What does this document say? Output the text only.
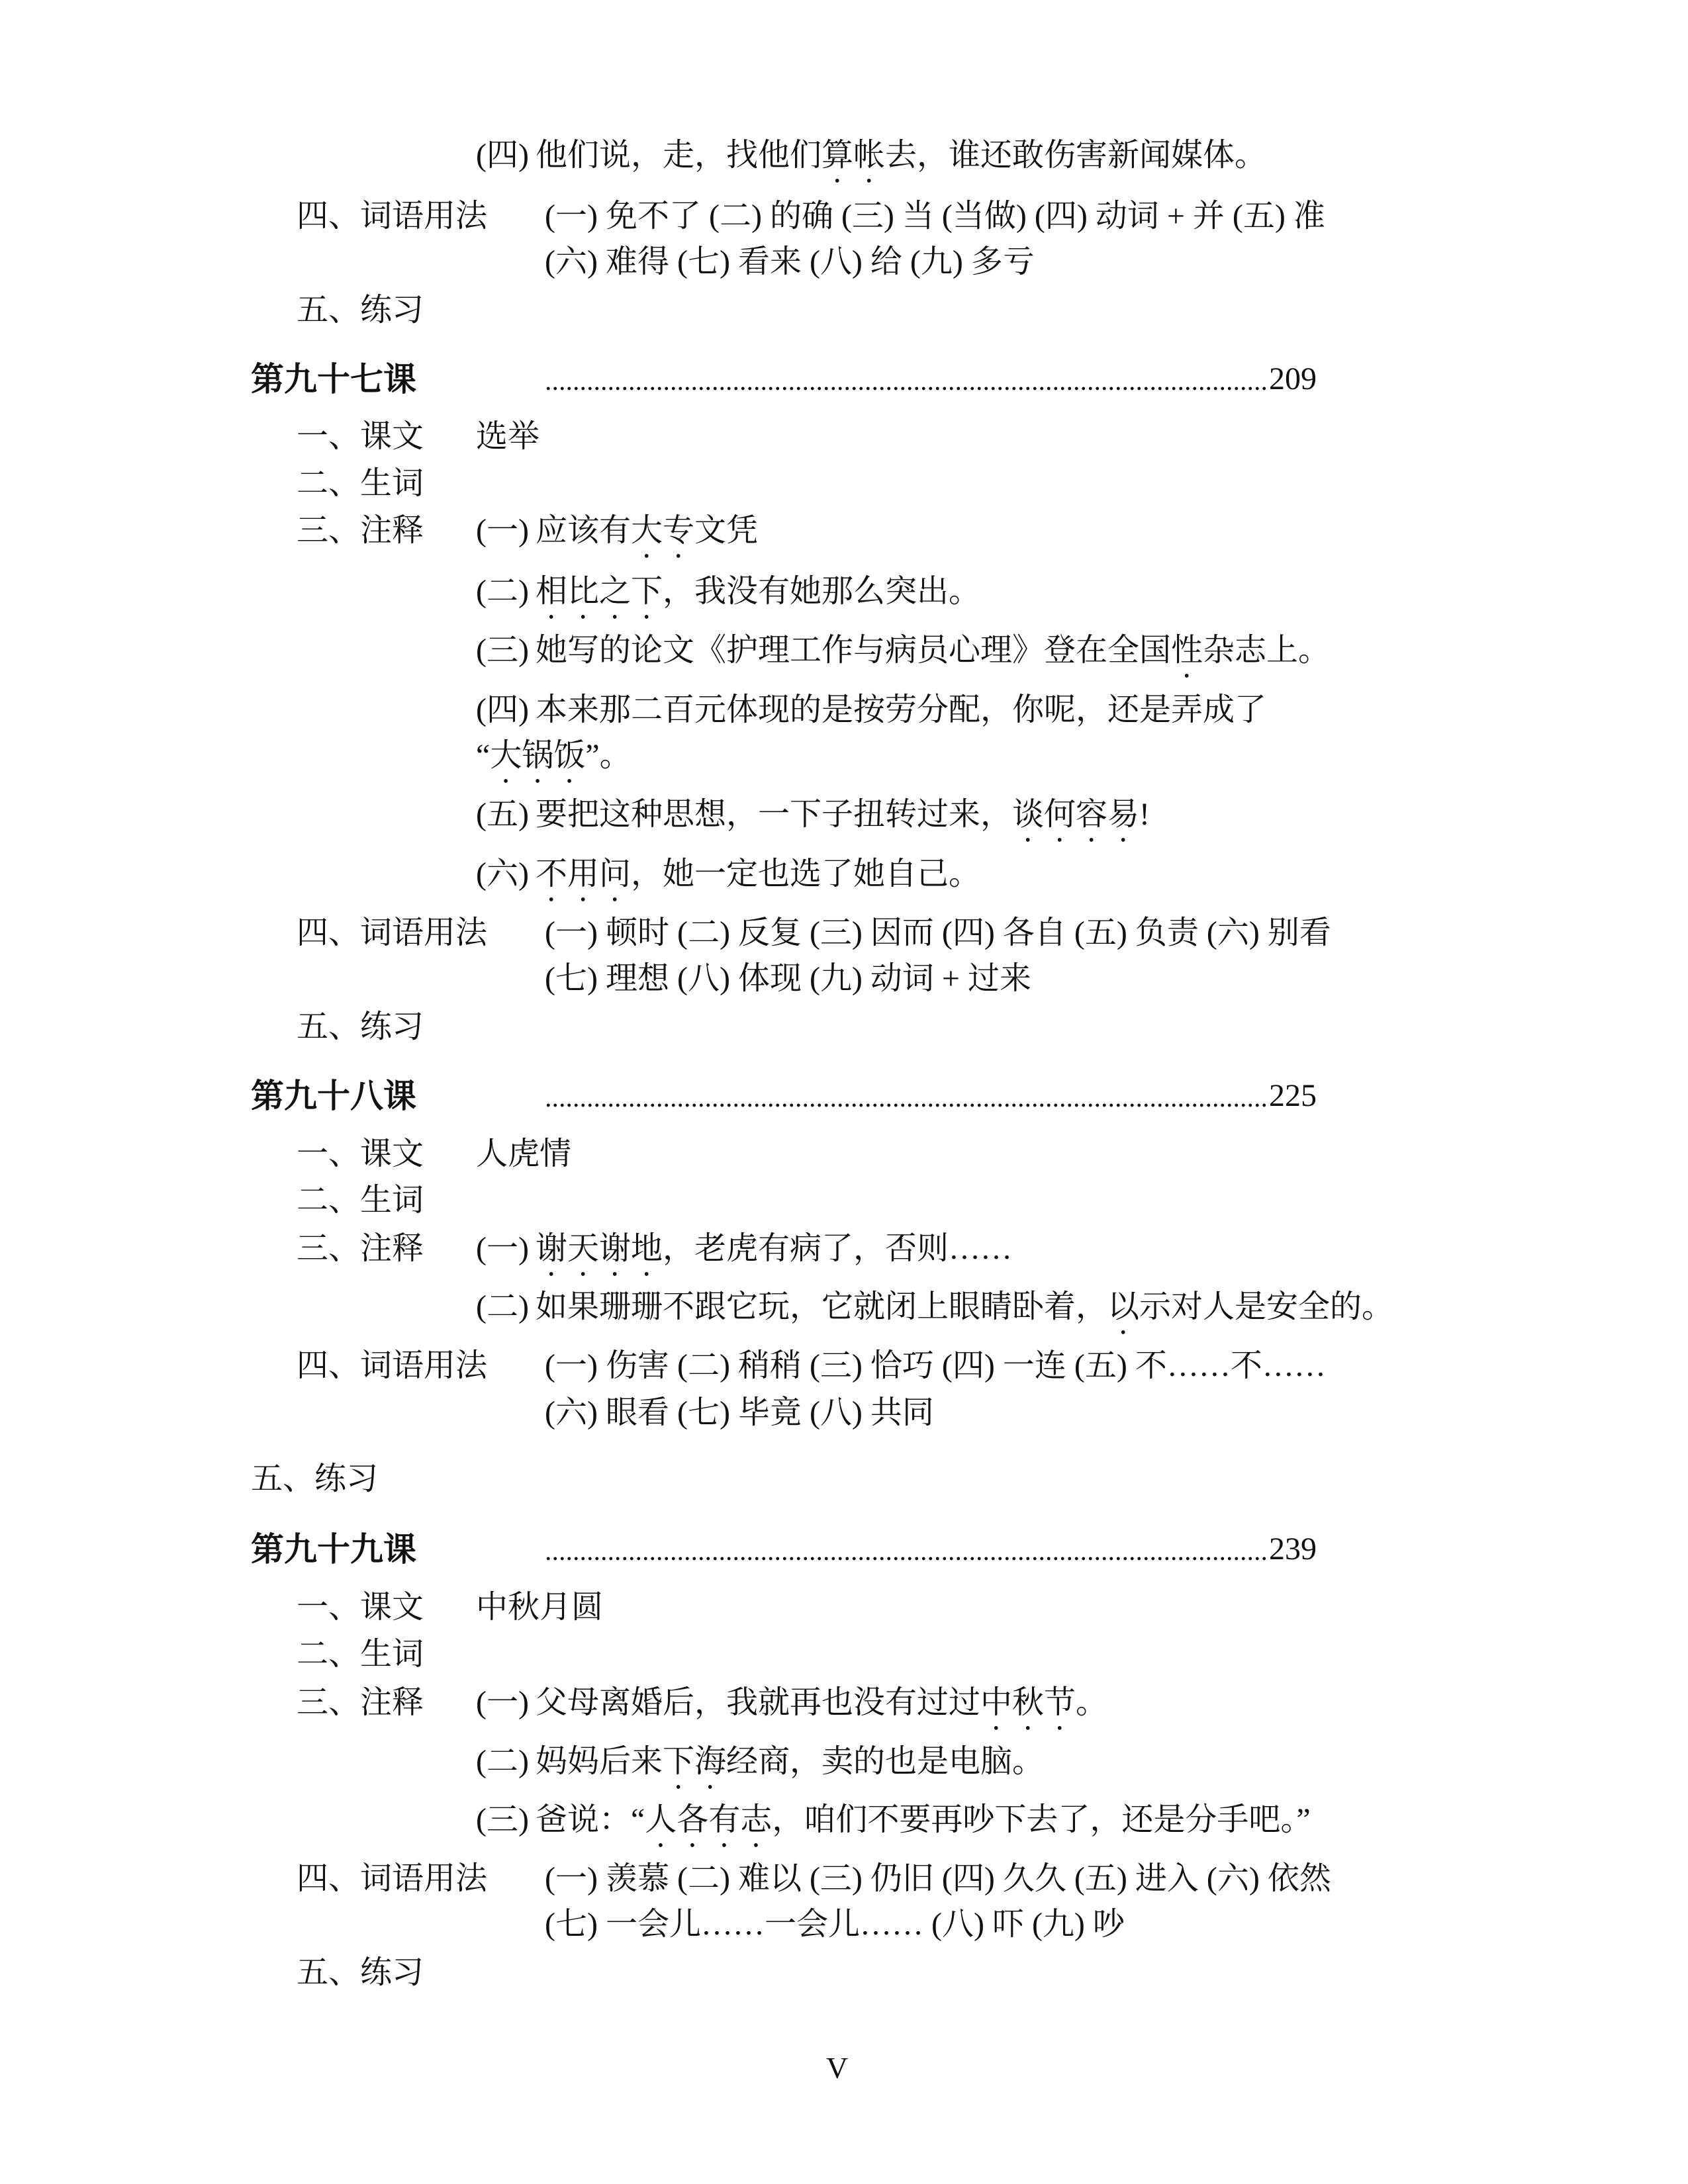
(四) 他们说，走，找他们算帐去，谁还敢伤害新闻媒体。
四、词语用法 (一) 免不了 (二) 的确 (三) 当 (当做) (四) 动词 + 并 (五) 准
(六) 难得 (七) 看来 (八) 给 (九) 多亏
五、练习
第九十七课	209
一、课文 选举
二、生词
三、注释 (一) 应该有大专文凭
(二) 相比之下，我没有她那么突出。
(三) 她写的论文《护理工作与病员心理》登在全国性杂志上。
(四) 本来那二百元体现的是按劳分配，你呢，还是弄成了
“大锅饭”。
(五) 要把这种思想，一下子扭转过来，谈何容易!
(六) 不用问，她一定也选了她自己。
四、词语用法 (一) 顿时 (二) 反复 (三) 因而 (四) 各自 (五) 负责 (六) 别看
(七) 理想 (八) 体现 (九) 动词 + 过来
五、练习
第九十八课	225
一、课文 人虎情
二、生词
三、注释 (一) 谢天谢地，老虎有病了，否则……
(二) 如果珊珊不跟它玩，它就闭上眼睛卧着，以示对人是安全的。
四、词语用法 (一) 伤害 (二) 稍稍 (三) 恰巧 (四) 一连 (五) 不……不……
(六) 眼看 (七) 毕竟 (八) 共同
五、练习
第九十九课	239
一、课文 中秋月圆
二、生词
三、注释 (一) 父母离婚后，我就再也没有过过中秋节。
(二) 妈妈后来下海经商，卖的也是电脑。
(三) 爸说：“人各有志，咱们不要再吵下去了，还是分手吧。”
四、词语用法 (一) 羡慕 (二) 难以 (三) 仍旧 (四) 久久 (五) 进入 (六) 依然
(七) 一会儿……一会儿…… (八) 吓 (九) 吵
五、练习
V
